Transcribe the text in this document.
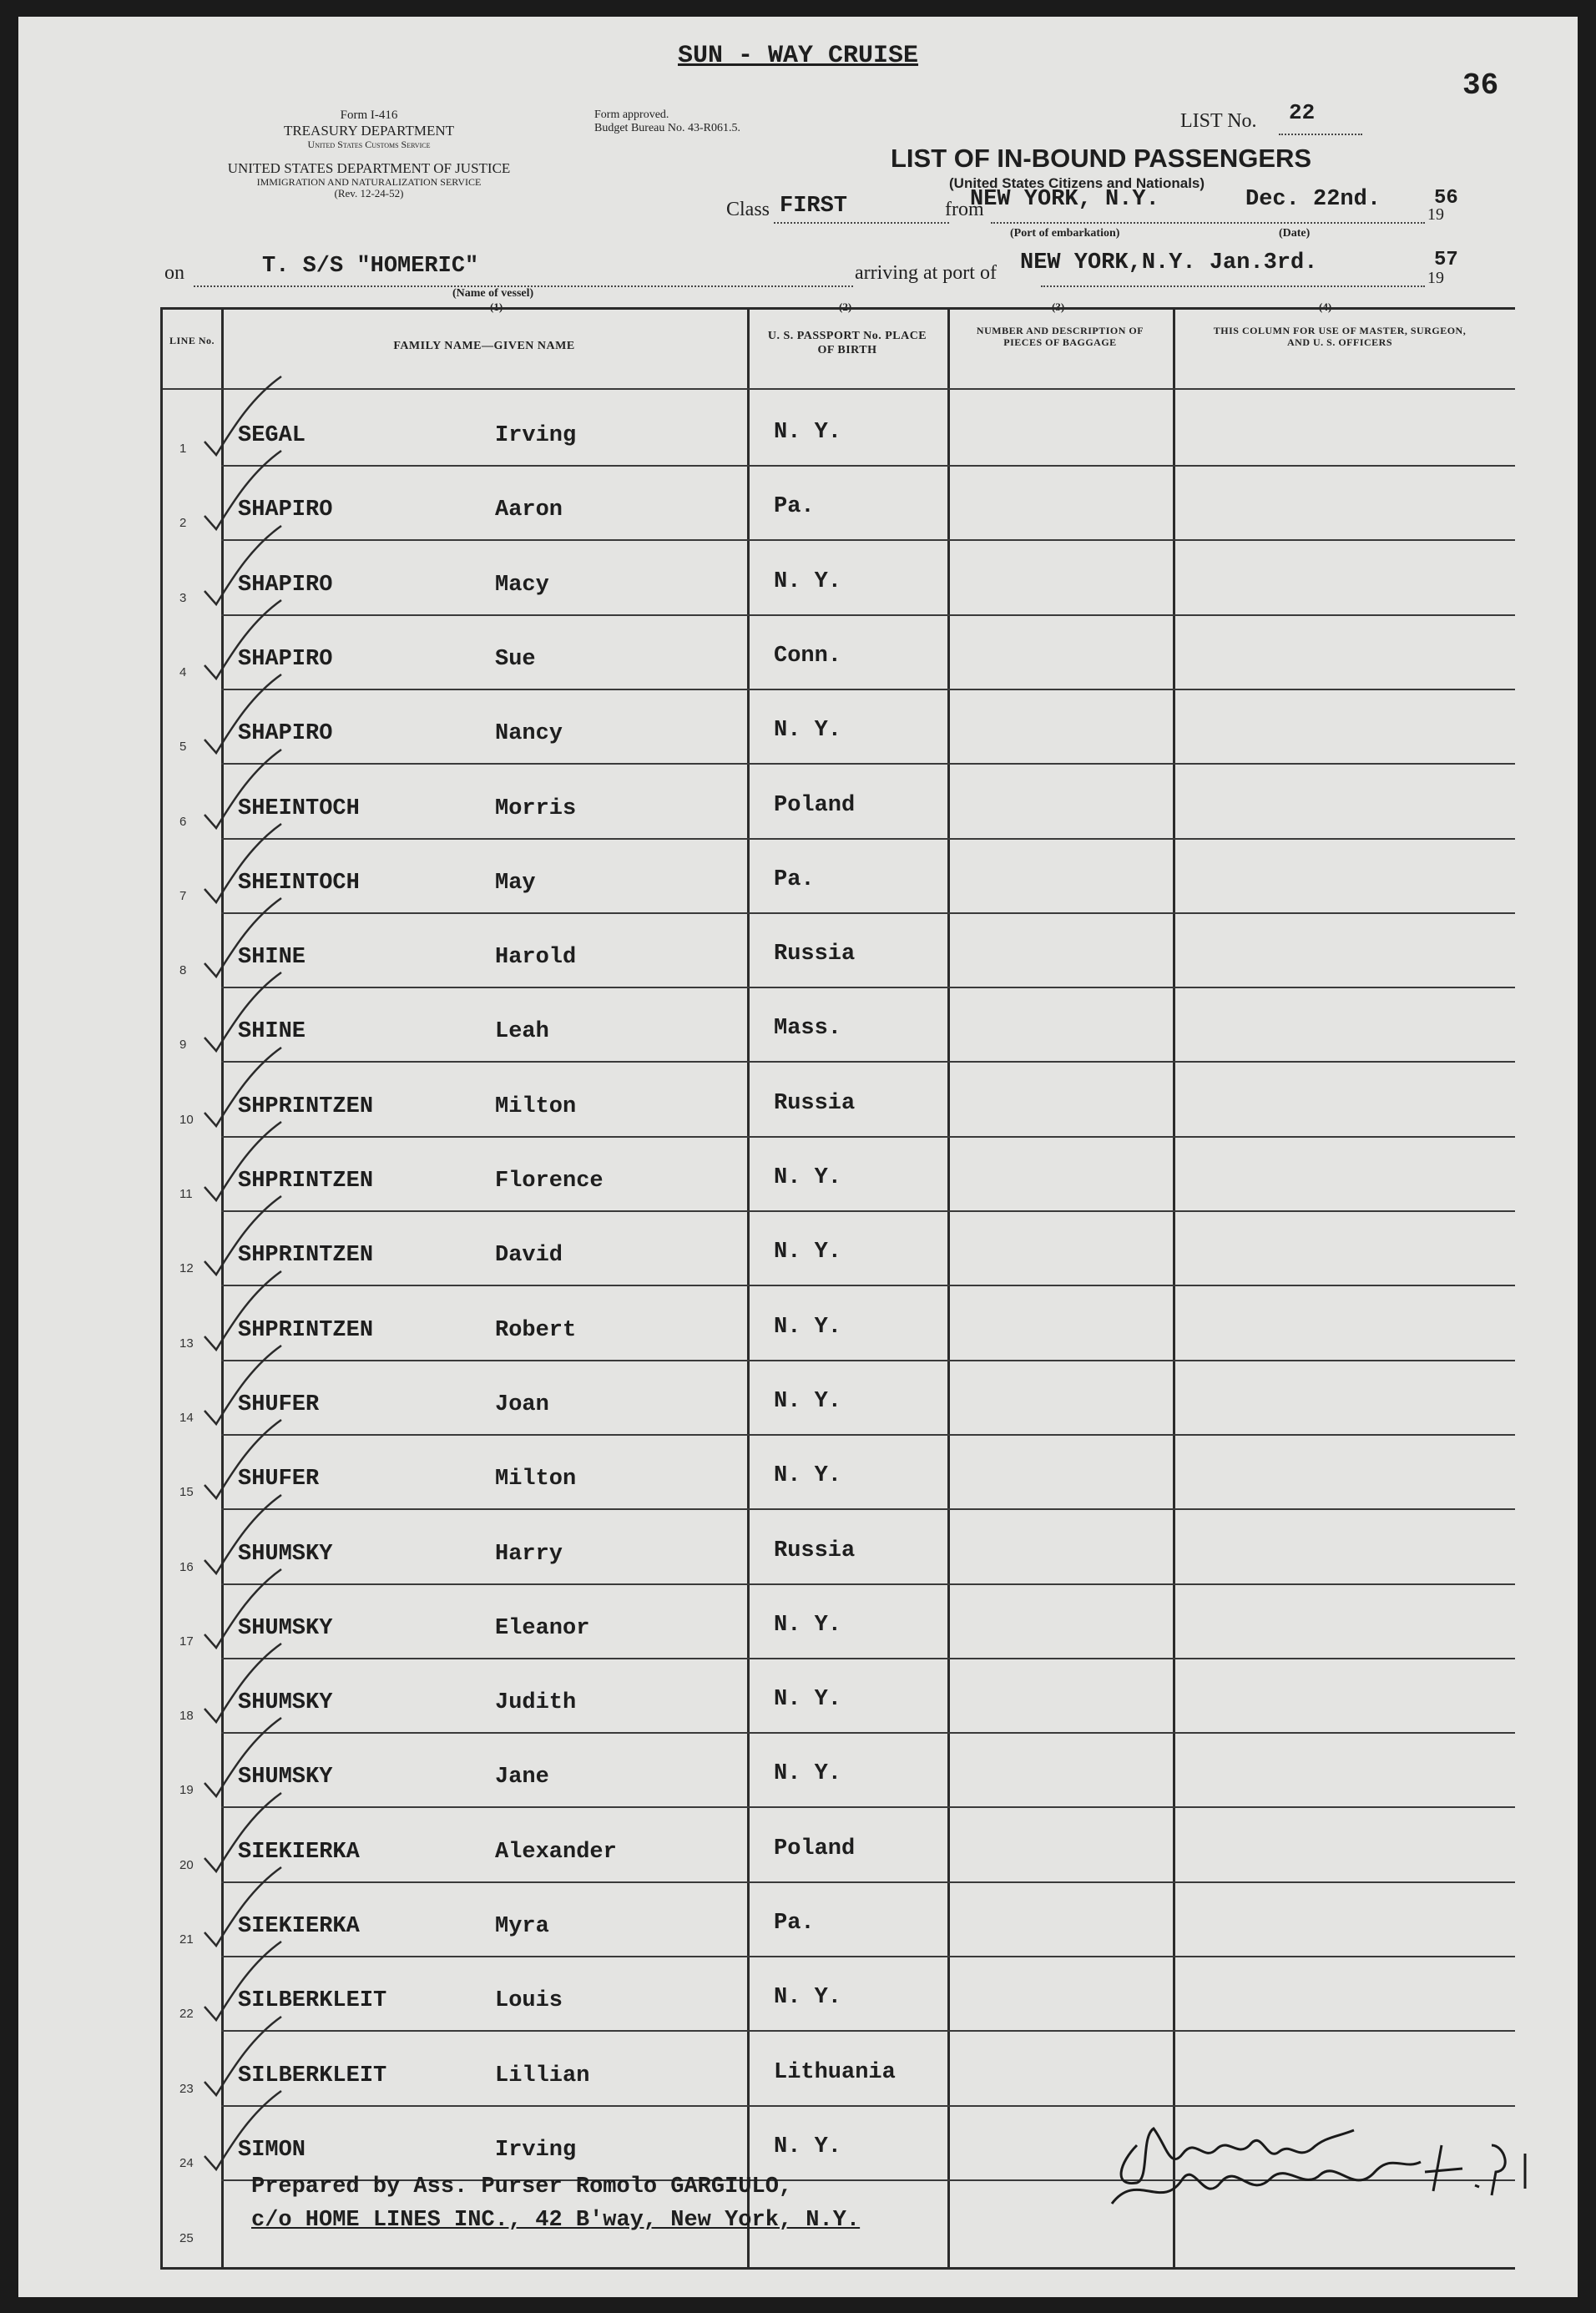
SUN - WAY CRUISE
36
Form I-416
TREASURY DEPARTMENT
United States Customs Service
UNITED STATES DEPARTMENT OF JUSTICE
IMMIGRATION AND NATURALIZATION SERVICE
(Rev. 12-24-52)
Form approved.
Budget Bureau No. 43-R061.5.	LIST No. 22
LIST OF IN-BOUND PASSENGERS
(United States Citizens and Nationals)
Class FIRST	from
NEW YORK, N.Y.	Dec. 22nd.
(Port of embarkation)	(Date)
19
56
on	T. S/S "HOMERIC"
(Name of vessel)
(1)
arriving at port of NEW YORK,N.Y. Jan.3rd.
19
57
(2)	(3)	(4)
LINE No.	FAMILY NAME—GIVEN NAME
U. S. PASSPORT No. PLACE OF BIRTH
NUMBER AND DESCRIPTION OF PIECES OF BAGGAGE
THIS COLUMN FOR USE OF MASTER, SURGEON, AND U. S. OFFICERS
1
SEGAL	Irving	N. Y.
2
SHAPIRO	Aaron	Pa.
3
SHAPIRO	Macy	N. Y.
4
SHAPIRO	Sue	Conn.
5
SHAPIRO	Nancy	N. Y.
6
SHEINTOCH	Morris	Poland
7
SHEINTOCH	May	Pa.
8
SHINE	Harold	Russia
9
SHINE	Leah	Mass.
10
SHPRINTZEN	Milton	Russia
11
SHPRINTZEN	Florence	N. Y.
12
SHPRINTZEN	David	N. Y.
13
SHPRINTZEN	Robert	N. Y.
14
SHUFER	Joan	N. Y.
15
SHUFER	Milton	N. Y.
16
SHUMSKY	Harry	Russia
17
SHUMSKY	Eleanor	N. Y.
18
SHUMSKY	Judith	N. Y.
19
SHUMSKY	Jane	N. Y.
20
SIEKIERKA	Alexander	Poland
21
SIEKIERKA	Myra	Pa.
22
SILBERKLEIT	Louis	N. Y.
23
SILBERKLEIT	Lillian	Lithuania
24
SIMON	Irving	N. Y.
25
Prepared by Ass. Purser Romolo GARGIULO,
c/o HOME LINES INC., 42 B'way, New York, N.Y.
